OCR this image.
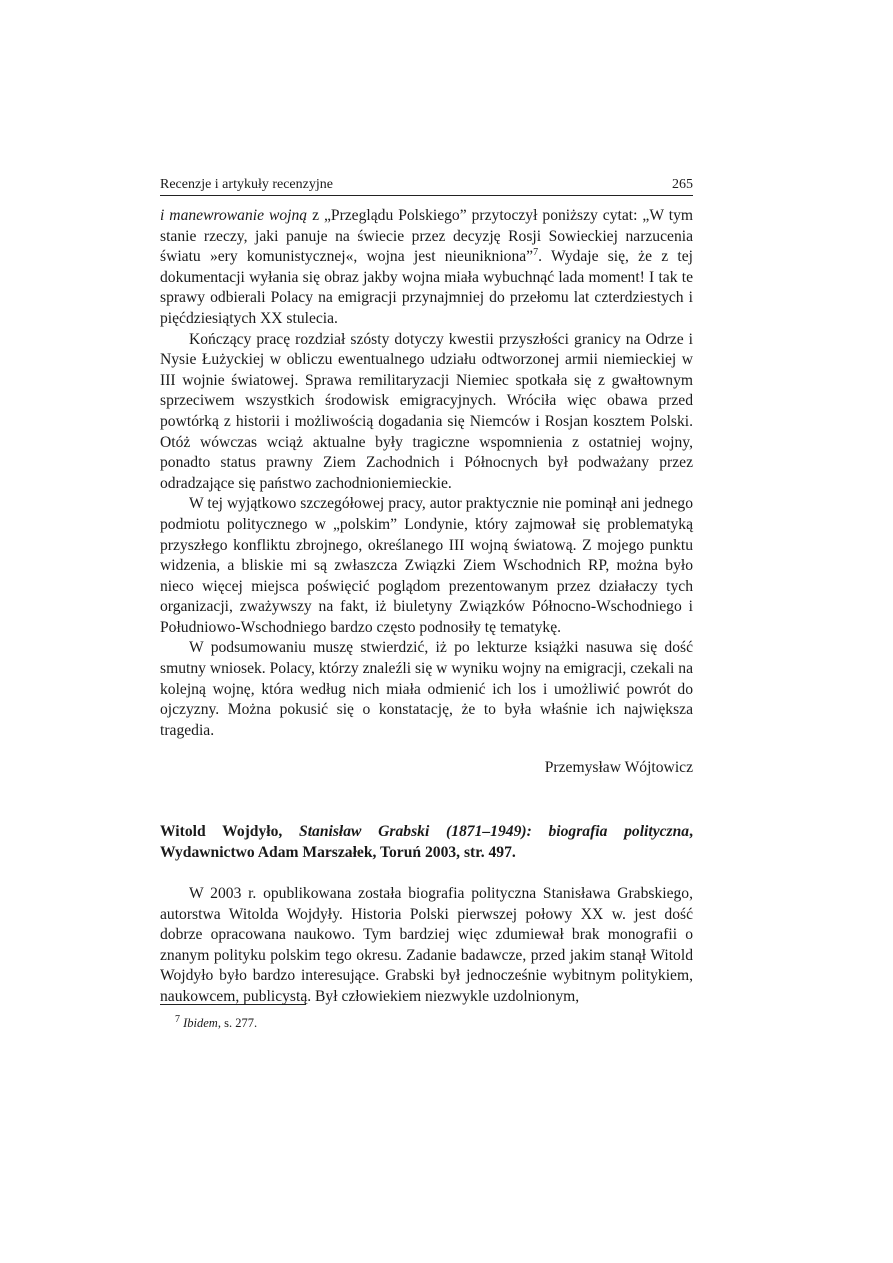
Recenzje i artykuły recenzyjne	265

i manewrowanie wojną z „Przeglądu Polskiego” przytoczył poniższy cytat: „W tym stanie rzeczy, jaki panuje na świecie przez decyzję Rosji Sowieckiej narzucenia światu »ery komunistycznej«, wojna jest nieunikniona”$^7$. Wydaje się, że z tej dokumentacji wyłania się obraz jakby wojna miała wybuchnąć lada moment! I tak te sprawy odbierali Polacy na emigracji przynajmniej do przełomu lat czterdziestych i pięćdziesiątych XX stulecia.

Kończący pracę rozdział szósty dotyczy kwestii przyszłości granicy na Odrze i Nysie Łużyckiej w obliczu ewentualnego udziału odtworzonej armii niemieckiej w III wojnie światowej. Sprawa remilitaryzacji Niemiec spotkała się z gwałtownym sprzeciwem wszystkich środowisk emigracyjnych. Wróciła więc obawa przed powtórką z historii i możliwością dogadania się Niemców i Rosjan kosztem Polski. Otóż wówczas wciąż aktualne były tragiczne wspomnienia z ostatniej wojny, ponadto status prawny Ziem Zachodnich i Północnych był podważany przez odradzające się państwo zachodnioniemieckie.

W tej wyjątkowo szczegółowej pracy, autor praktycznie nie pominął ani jednego podmiotu politycznego w „polskim” Londynie, który zajmował się problematyką przyszłego konfliktu zbrojnego, określanego III wojną światową. Z mojego punktu widzenia, a bliskie mi są zwłaszcza Związki Ziem Wschodnich RP, można było nieco więcej miejsca poświęcić poglądom prezentowanym przez działaczy tych organizacji, zważywszy na fakt, iż biuletyny Związków Północno-Wschodniego i Południowo-Wschodniego bardzo często podnosiły tę tematykę.

W podsumowaniu muszę stwierdzić, iż po lekturze książki nasuwa się dość smutny wniosek. Polacy, którzy znaleźli się w wyniku wojny na emigracji, czekali na kolejną wojnę, która według nich miała odmienić ich los i umożliwić powrót do ojczyzny. Można pokusić się o konstatację, że to była właśnie ich największa tragedia.

Przemysław Wójtowicz

Witold Wojdyło, Stanisław Grabski (1871–1949): biografia polityczna, Wydawnictwo Adam Marszałek, Toruń 2003, str. 497.

W 2003 r. opublikowana została biografia polityczna Stanisława Grabskiego, autorstwa Witolda Wojdyły. Historia Polski pierwszej połowy XX w. jest dość dobrze opracowana naukowo. Tym bardziej więc zdumiewał brak monografii o znanym polityku polskim tego okresu. Zadanie badawcze, przed jakim stanął Witold Wojdyło było bardzo interesujące. Grabski był jednocześnie wybitnym politykiem, naukowcem, publicystą. Był człowiekiem niezwykle uzdolnionym,

$^7$ Ibidem, s. 277.
